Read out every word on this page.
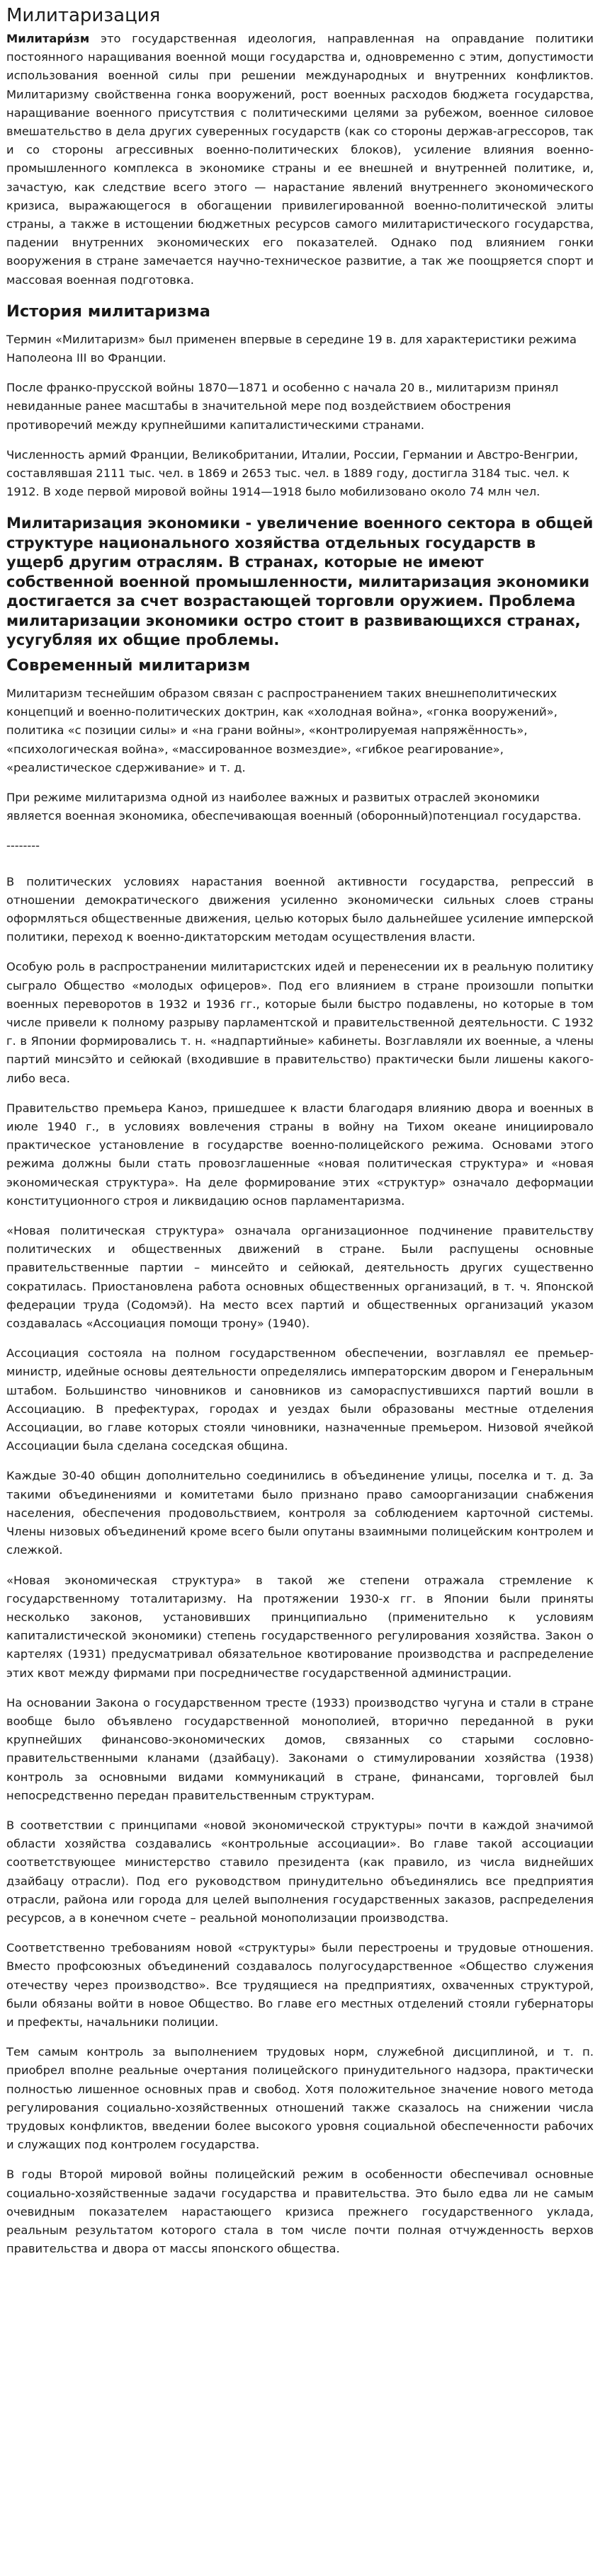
Милитаризация

Милитари́зм это государственная идеология, направленная на оправдание политики постоянного наращивания военной мощи государства и, одновременно с этим, допустимости использования военной силы при решении международных и внутренних конфликтов. Милитаризму свойственна гонка вооружений, рост военных расходов бюджета государства, наращивание военного присутствия с политическими целями за рубежом, военное силовое вмешательство в дела других суверенных государств (как со стороны держав-агрессоров, так и со стороны агрессивных военно-политических блоков), усиление влияния военно-промышленного комплекса в экономике страны и ее внешней и внутренней политике, и, зачастую, как следствие всего этого — нарастание явлений внутреннего экономического кризиса, выражающегося в обогащении привилегированной военно-политической элиты страны, а также в истощении бюджетных ресурсов самого милитаристического государства, падении внутренних экономических его показателей. Однако под влиянием гонки вооружения в стране замечается научно-техническое развитие, а так же поощряется спорт и массовая военная подготовка.

История милитаризма

Термин «Милитаризм» был применен впервые в середине 19 в. для характеристики режима Наполеона III во Франции.

После франко-прусской войны 1870—1871 и особенно с начала 20 в., милитаризм принял невиданные ранее масштабы в значительной мере под воздействием обострения противоречий между крупнейшими капиталистическими странами.

Численность армий Франции, Великобритании, Италии, России, Германии и Австро-Венгрии, составлявшая 2111 тыс. чел. в 1869 и 2653 тыс. чел. в 1889 году, достигла 3184 тыс. чел. к 1912. В ходе первой мировой войны 1914—1918 было мобилизовано около 74 млн чел.

Милитаризация экономики - увеличение военного сектора в общей структуре национального хозяйства отдельных государств в ущерб другим отраслям. В странах, которые не имеют собственной военной промышленности, милитаризация экономики достигается за счет возрастающей торговли оружием. Проблема милитаризации экономики остро стоит в развивающихся странах, усугубляя их общие проблемы.
Современный милитаризм

Милитаризм теснейшим образом связан с распространением таких внешнеполитических концепций и военно-политических доктрин, как «холодная война», «гонка вооружений», политика «с позиции силы» и «на грани войны», «контролируемая напряжённость», «психологическая война», «массированное возмездие», «гибкое реагирование», «реалистическое сдерживание» и т. д.

При режиме милитаризма одной из наиболее важных и развитых отраслей экономики является военная экономика, обеспечивающая военный (оборонный)потенциал государства.

--------

В политических условиях нарастания военной активности государства, репрессий в отношении демократического движения усиленно экономически сильных слоев страны оформляться общественные движения, целью которых было дальнейшее усиление имперской политики, переход к военно-диктаторским методам осуществления власти.

Особую роль в распространении милитаристских идей и перенесении их в реальную политику сыграло Общество «молодых офицеров». Под его влиянием в стране произошли попытки военных переворотов в 1932 и 1936 гг., которые были быстро подавлены, но которые в том числе привели к полному разрыву парламентской и правительственной деятельности. С 1932 г. в Японии формировались т. н. «надпартийные» кабинеты. Возглавляли их военные, а члены партий минсэйто и сейюкай (входившие в правительство) практически были лишены какого-либо веса.

Правительство премьера Каноэ, пришедшее к власти благодаря влиянию двора и военных в июле 1940 г., в условиях вовлечения страны в войну на Тихом океане инициировало практическое установление в государстве военно-полицейского режима. Основами этого режима должны были стать провозглашенные «новая политическая структура» и «новая экономическая структура». На деле формирование этих «структур» означало деформации конституционного строя и ликвидацию основ парламентаризма.

«Новая политическая структура» означала организационное подчинение правительству политических и общественных движений в стране. Были распущены основные правительственные партии – минсейто и сейюкай, деятельность других существенно сократилась. Приостановлена работа основных общественных организаций, в т. ч. Японской федерации труда (Содомэй). На место всех партий и общественных организаций указом создавалась «Ассоциация помощи трону» (1940).

Ассоциация состояла на полном государственном обеспечении, возглавлял ее премьер-министр, идейные основы деятельности определялись императорским двором и Генеральным штабом. Большинство чиновников и сановников из самораспустившихся партий вошли в Ассоциацию. В префектурах, городах и уездах были образованы местные отделения Ассоциации, во главе которых стояли чиновники, назначенные премьером. Низовой ячейкой Ассоциации была сделана соседская община.

Каждые 30-40 общин дополнительно соединились в объединение улицы, поселка и т. д. За такими объединениями и комитетами было признано право самоорганизации снабжения населения, обеспечения продовольствием, контроля за соблюдением карточной системы. Члены низовых объединений кроме всего были опутаны взаимными полицейским контролем и слежкой.

«Новая экономическая структура» в такой же степени отражала стремление к государственному тоталитаризму. На протяжении 1930-х гг. в Японии были приняты несколько законов, установивших принципиально (применительно к условиям капиталистической экономики) степень государственного регулирования хозяйства. Закон о картелях (1931) предусматривал обязательное квотирование производства и распределение этих квот между фирмами при посредничестве государственной администрации.

На основании Закона о государственном тресте (1933) производство чугуна и стали в стране вообще было объявлено государственной монополией, вторично переданной в руки крупнейших финансово-экономических домов, связанных со старыми сословно-правительственными кланами (дзайбацу). Законами о стимулировании хозяйства (1938) контроль за основными видами коммуникаций в стране, финансами, торговлей был непосредственно передан правительственным структурам.

В соответствии с принципами «новой экономической структуры» почти в каждой значимой области хозяйства создавались «контрольные ассоциации». Во главе такой ассоциации соответствующее министерство ставило президента (как правило, из числа виднейших дзайбацу отрасли). Под его руководством принудительно объединялись все предприятия отрасли, района или города для целей выполнения государственных заказов, распределения ресурсов, а в конечном счете – реальной монополизации производства.

Соответственно требованиям новой «структуры» были перестроены и трудовые отношения. Вместо профсоюзных объединений создавалось полугосударственное «Общество служения отечеству через производство». Все трудящиеся на предприятиях, охваченных структурой, были обязаны войти в новое Общество. Во главе его местных отделений стояли губернаторы и префекты, начальники полиции.

Тем самым контроль за выполнением трудовых норм, служебной дисциплиной, и т. п. приобрел вполне реальные очертания полицейского принудительного надзора, практически полностью лишенное основных прав и свобод. Хотя положительное значение нового метода регулирования социально-хозяйственных отношений также сказалось на снижении числа трудовых конфликтов, введении более высокого уровня социальной обеспеченности рабочих и служащих под контролем государства.

В годы Второй мировой войны полицейский режим в особенности обеспечивал основные социально-хозяйственные задачи государства и правительства. Это было едва ли не самым очевидным показателем нарастающего кризиса прежнего государственного уклада, реальным результатом которого стала в том числе почти полная отчужденность верхов правительства и двора от массы японского общества.
